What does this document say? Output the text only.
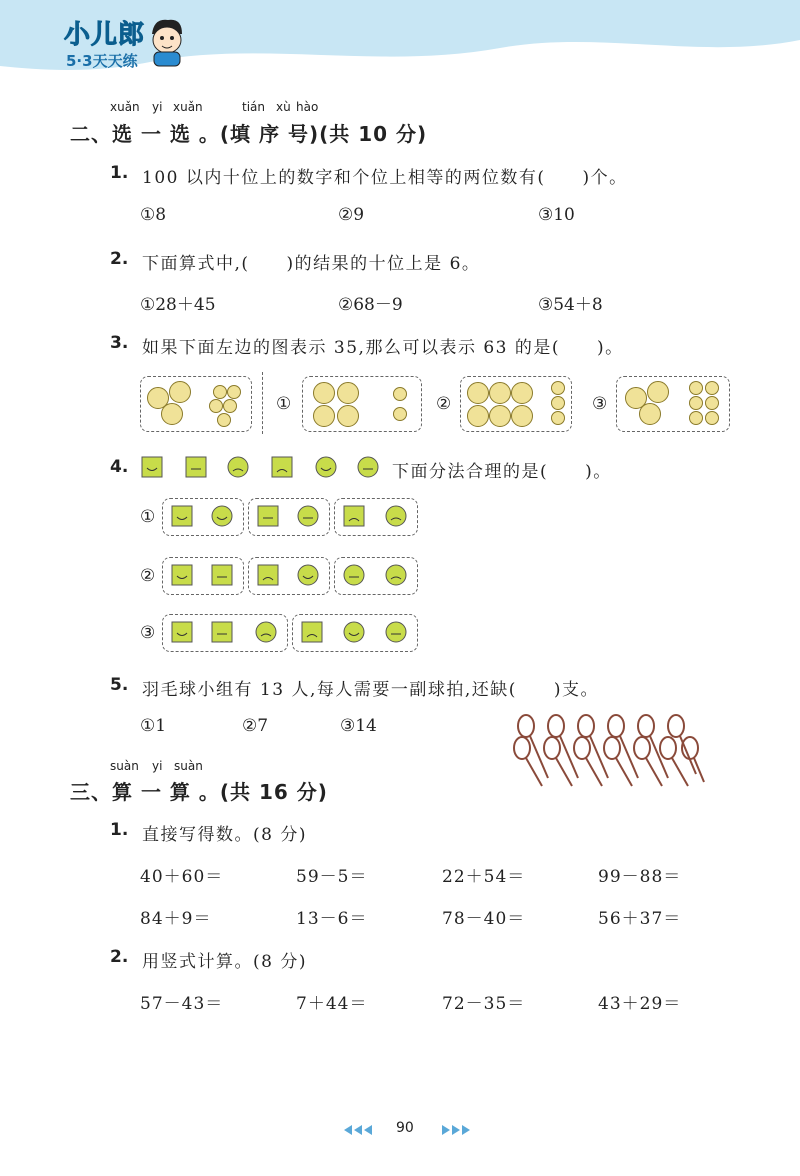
小儿郎
5·3天天练
xuǎn yi xuǎn	tián xù hào
二、选 一 选 。(填 序 号)(共 10 分)
1. 100 以内十位上的数字和个位上相等的两位数有(　　)个。
①8	②9	③10
2. 下面算式中,(　　)的结果的十位上是 6。
①28＋45	②68－9	③54＋8
3. 如果下面左边的图表示 35,那么可以表示 63 的是(　　)。
①	②	③
4.	下面分法合理的是(　　)。
①
②
③
5. 羽毛球小组有 13 人,每人需要一副球拍,还缺(　　)支。
①1	②7	③14
suàn yi suàn
三、算 一 算 。(共 16 分)
1. 直接写得数。(8 分)
40＋60＝	59－5＝	22＋54＝	99－88＝
84＋9＝	13－6＝	78－40＝	56＋37＝
2. 用竖式计算。(8 分)
57－43＝	7＋44＝	72－35＝	43＋29＝
90
